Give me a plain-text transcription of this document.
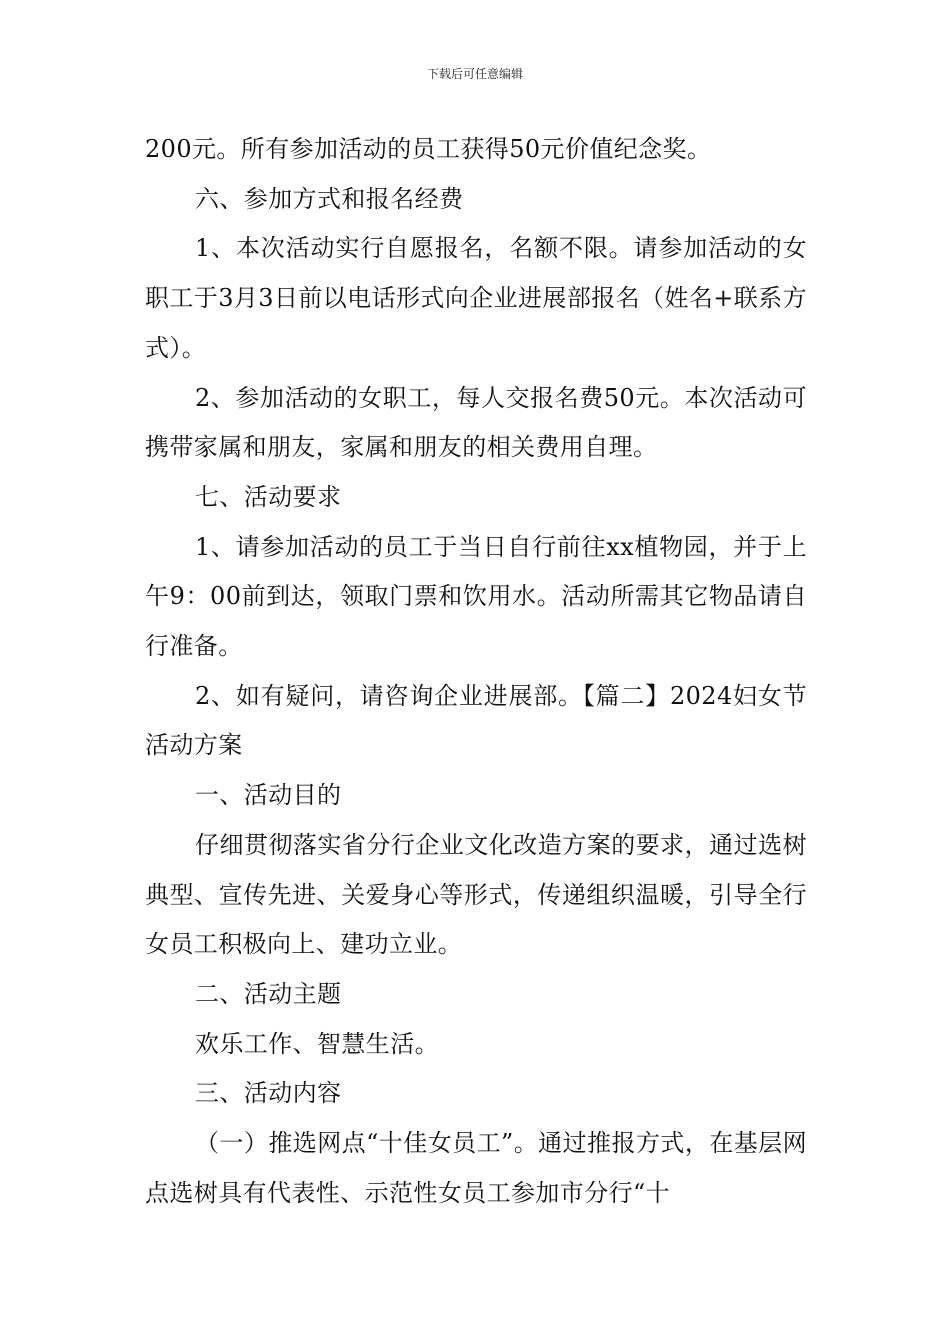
下载后可任意编辑

200元。所有参加活动的员工获得50元价值纪念奖。

六、参加方式和报名经费

1、本次活动实行自愿报名，名额不限。请参加活动的女职工于3月3日前以电话形式向企业进展部报名（姓名+联系方式）。

2、参加活动的女职工，每人交报名费50元。本次活动可携带家属和朋友，家属和朋友的相关费用自理。

七、活动要求

1、请参加活动的员工于当日自行前往xx植物园，并于上午9：00前到达，领取门票和饮用水。活动所需其它物品请自行准备。

2、如有疑问，请咨询企业进展部。【篇二】2024妇女节活动方案

一、活动目的

仔细贯彻落实省分行企业文化改造方案的要求，通过选树典型、宣传先进、关爱身心等形式，传递组织温暖，引导全行女员工积极向上、建功立业。

二、活动主题

欢乐工作、智慧生活。

三、活动内容

（一）推选网点“十佳女员工”。通过推报方式，在基层网点选树具有代表性、示范性女员工参加市分行“十
